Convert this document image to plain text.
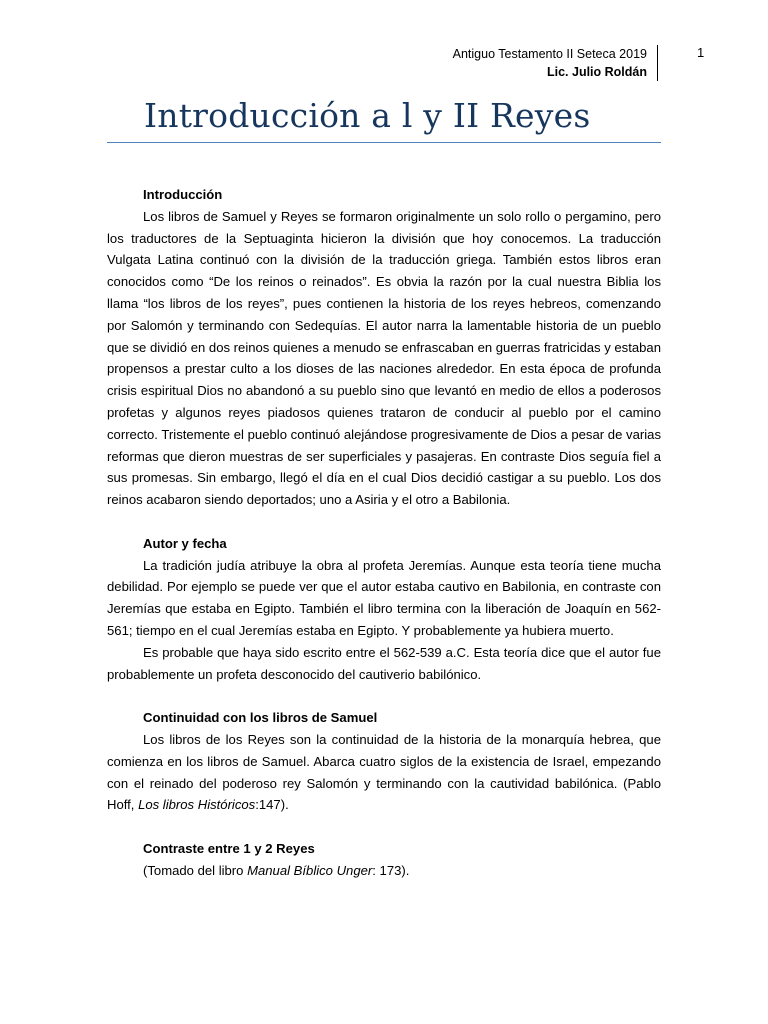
Antiguo Testamento II Seteca 2019
Lic. Julio Roldán
1
Introducción a l y II Reyes
Introducción

Los libros de Samuel y Reyes se formaron originalmente un solo rollo o pergamino, pero los traductores de la Septuaginta hicieron la división que hoy conocemos. La traducción Vulgata Latina continuó con la división de la traducción griega. También estos libros eran conocidos como “De los reinos o reinados”. Es obvia la razón por la cual nuestra Biblia los llama “los libros de los reyes”, pues contienen la historia de los reyes hebreos, comenzando por Salomón y terminando con Sedequías. El autor narra la lamentable historia de un pueblo que se dividió en dos reinos quienes a menudo se enfrascaban en guerras fratricidas y estaban propensos a prestar culto a los dioses de las naciones alrededor. En esta época de profunda crisis espiritual Dios no abandonó a su pueblo sino que levantó en medio de ellos a poderosos profetas y algunos reyes piadosos quienes trataron de conducir al pueblo por el camino correcto. Tristemente el pueblo continuó alejándose progresivamente de Dios a pesar de varias reformas que dieron muestras de ser superficiales y pasajeras. En contraste Dios seguía fiel a sus promesas. Sin embargo, llegó el día en el cual Dios decidió castigar a su pueblo. Los dos reinos acabaron siendo deportados; uno a Asiria y el otro a Babilonia.

Autor y fecha

La tradición judía atribuye la obra al profeta Jeremías. Aunque esta teoría tiene mucha debilidad. Por ejemplo se puede ver que el autor estaba cautivo en Babilonia, en contraste con Jeremías que estaba en Egipto. También el libro termina con la liberación de Joaquín en 562-561; tiempo en el cual Jeremías estaba en Egipto. Y probablemente ya hubiera muerto.

Es probable que haya sido escrito entre el 562-539 a.C. Esta teoría dice que el autor fue probablemente un profeta desconocido del cautiverio babilónico.

Continuidad con los libros de Samuel

Los libros de los Reyes son la continuidad de la historia de la monarquía hebrea, que comienza en los libros de Samuel. Abarca cuatro siglos de la existencia de Israel, empezando con el reinado del poderoso rey Salomón y terminando con la cautividad babilónica. (Pablo Hoff, Los libros Históricos:147).

Contraste entre 1 y 2 Reyes
(Tomado del libro Manual Bíblico Unger: 173).
